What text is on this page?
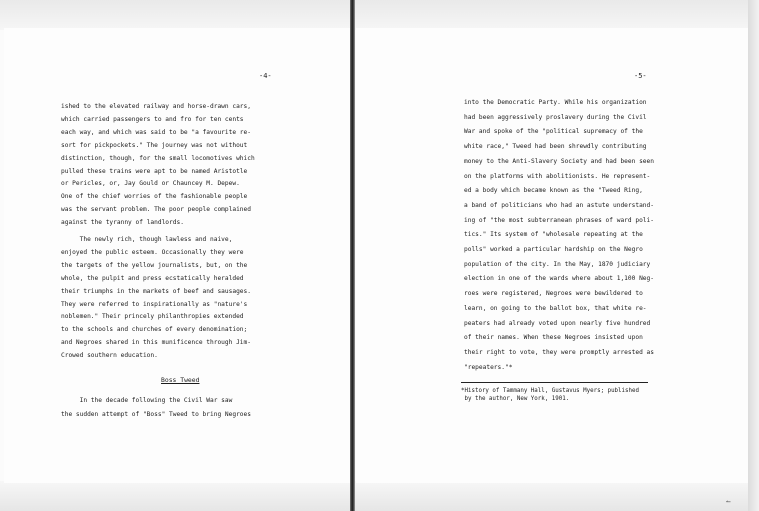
-4-
ished to the elevated railway and horse-drawn cars,
which carried passengers to and fro for ten cents
each way, and which was said to be "a favourite re-
sort for pickpockets." The journey was not without
distinction, though, for the small locomotives which
pulled these trains were apt to be named Aristotle
or Pericles, or, Jay Gould or Chauncey M. Depew.
One of the chief worries of the fashionable people
was the servant problem. The poor people complained
against the tyranny of landlords.
The newly rich, though lawless and naive,
enjoyed the public esteem. Occasionally they were
the targets of the yellow journalists, but, on the
whole, the pulpit and press ecstatically heralded
their triumphs in the markets of beef and sausages.
They were referred to inspirationally as "nature's
noblemen." Their princely philanthropies extended
to the schools and churches of every denomination;
and Negroes shared in this munificence through Jim-
Crowed southern education.
Boss Tweed
In the decade following the Civil War saw
the sudden attempt of "Boss" Tweed to bring Negroes
-5-
into the Democratic Party. While his organization
had been aggressively proslavery during the Civil
War and spoke of the "political supremacy of the
white race," Tweed had been shrewdly contributing
money to the Anti-Slavery Society and had been seen
on the platforms with abolitionists. He represent-
ed a body which became known as the "Tweed Ring,
a band of politicians who had an astute understand-
ing of "the most subterranean phrases of ward poli-
tics." Its system of "wholesale repeating at the
polls" worked a particular hardship on the Negro
population of the city. In the May, 1870 judiciary
election in one of the wards where about 1,100 Neg-
roes were registered, Negroes were bewildered to
learn, on going to the ballot box, that white re-
peaters had already voted upon nearly five hundred
of their names. When these Negroes insisted upon
their right to vote, they were promptly arrested as
"repeaters."*
*History of Tammany Hall, Gustavus Myers; published
by the author, New York, 1901.
↼
